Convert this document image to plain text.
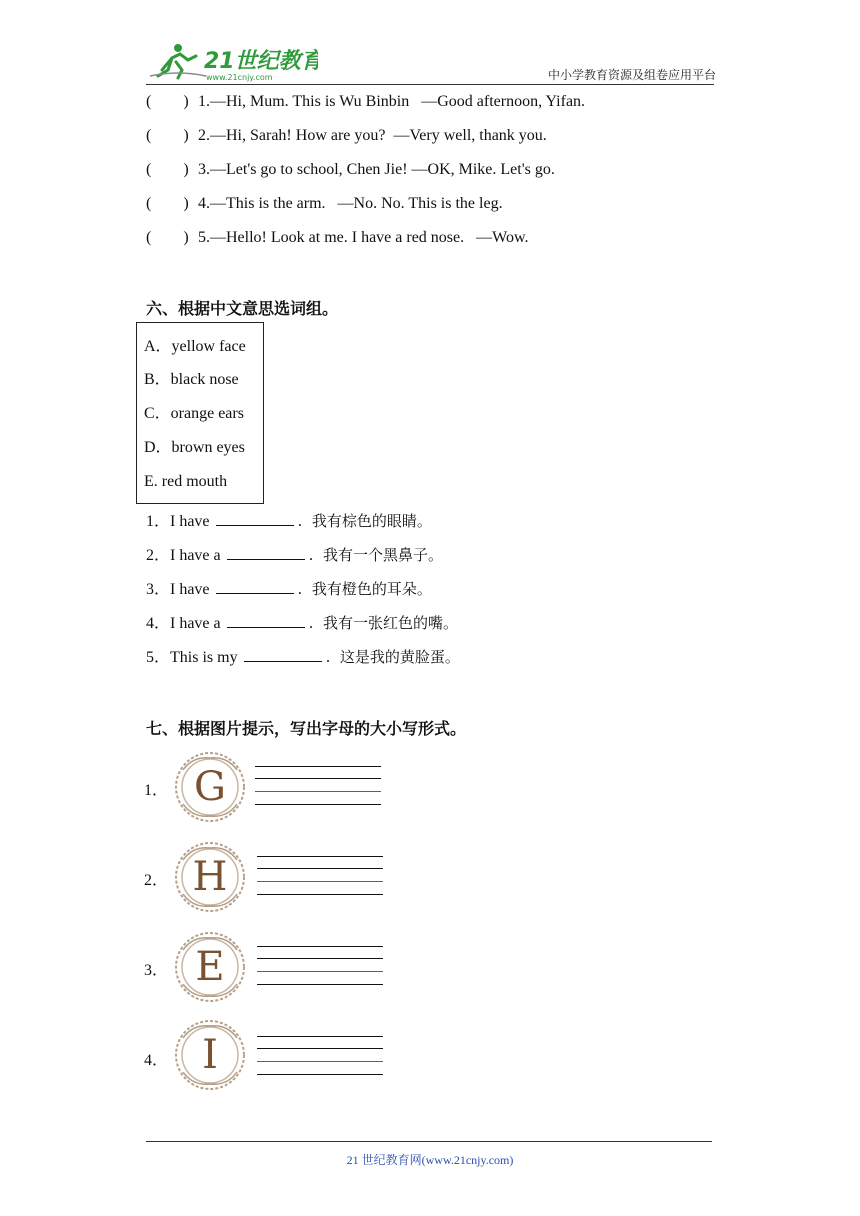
21世纪教育
www.21cnjy.com	中小学教育资源及组卷应用平台
(        ) 1.—Hi, Mum. This is Wu Binbin   —Good afternoon, Yifan.
(        ) 2.—Hi, Sarah! How are you?  —Very well, thank you.
(        ) 3.—Let's go to school, Chen Jie! —OK, Mike. Let's go.
(        ) 4.—This is the arm.   —No. No. This is the leg.
(        ) 5.—Hello! Look at me. I have a red nose.   —Wow.
六、根据中文意思选词组。
A．yellow face
B．black nose
C．orange ears
D．brown eyes
E. red mouth
1．I have	.  我有棕色的眼睛。
2．I have a	.  我有一个黑鼻子。
3．I have	.  我有橙色的耳朵。
4．I have a	.  我有一张红色的嘴。
5．This is my	.  这是我的黄脸蛋。
七、根据图片提示，写出字母的大小写形式。
1． G
2． H
3． E
4． I
21 世纪教育网(www.21cnjy.com)
